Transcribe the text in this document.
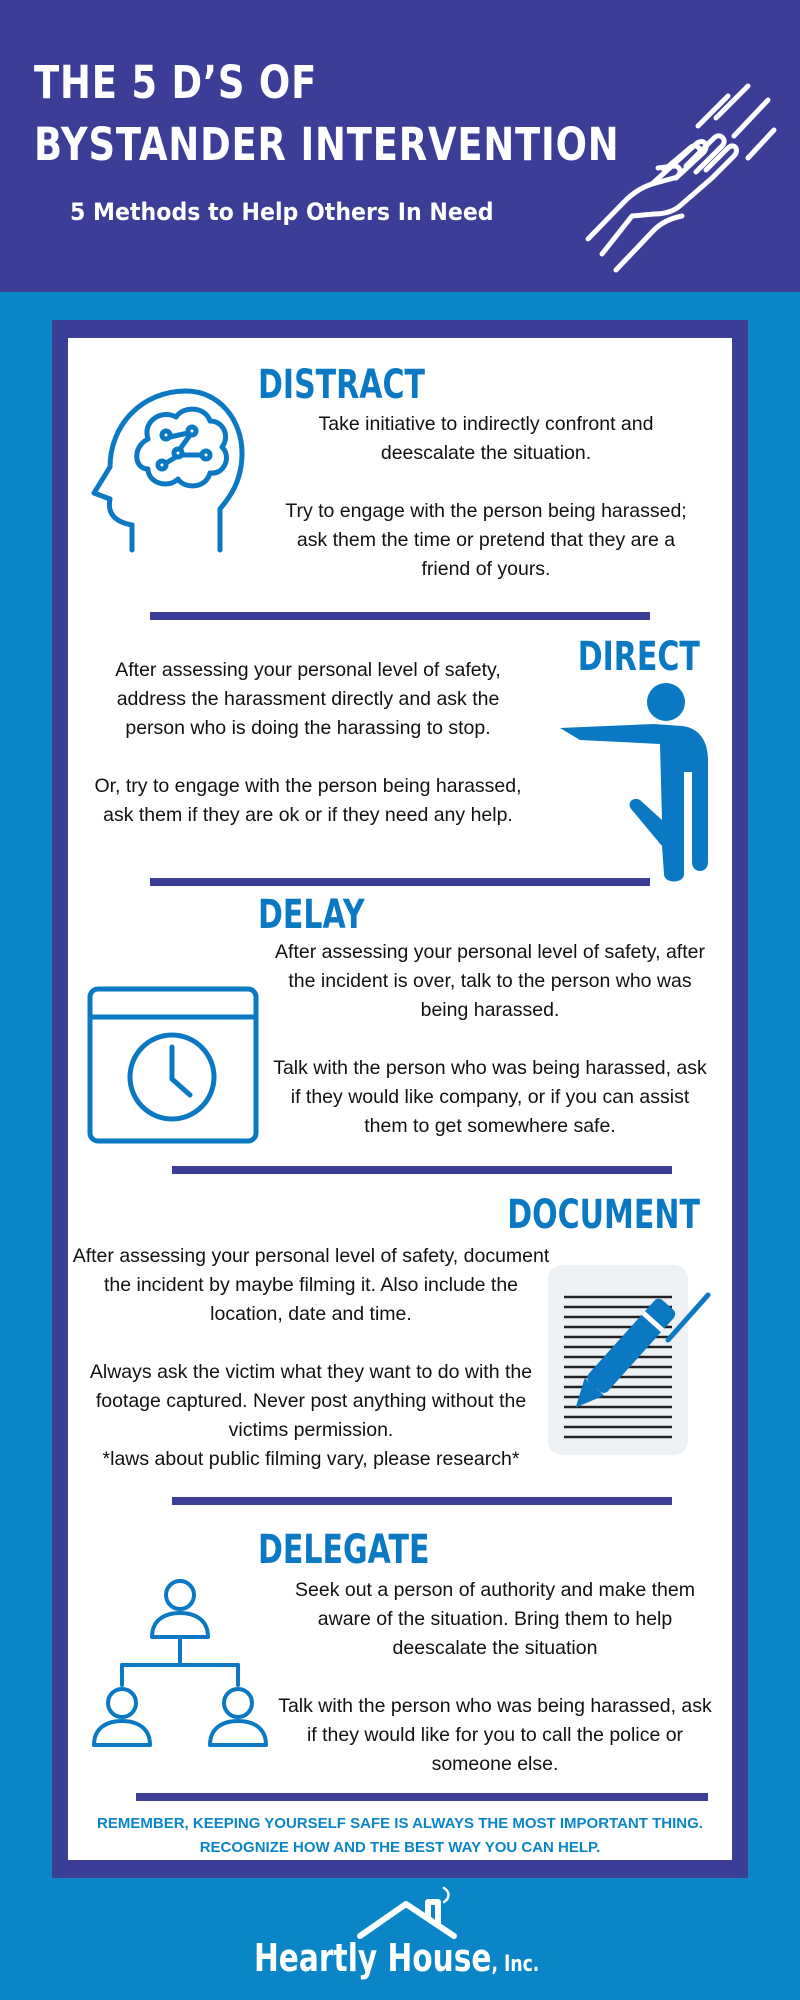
THE 5 D’S OF
BYSTANDER INTERVENTION
5 Methods to Help Others In Need
DISTRACT

Take initiative to indirectly confront and deescalate the situation.

Try to engage with the person being harassed; ask them the time or pretend that they are a friend of yours.

DIRECT

After assessing your personal level of safety, address the harassment directly and ask the person who is doing the harassing to stop.

Or, try to engage with the person being harassed, ask them if they are ok or if they need any help.

DELAY

After assessing your personal level of safety, after the incident is over, talk to the person who was being harassed.

Talk with the person who was being harassed, ask if they would like company, or if you can assist them to get somewhere safe.

DOCUMENT

After assessing your personal level of safety, document the incident by maybe filming it. Also include the location, date and time.

Always ask the victim what they want to do with the footage captured. Never post anything without the victims permission.

*laws about public filming vary, please research*

DELEGATE

Seek out a person of authority and make them aware of the situation. Bring them to help deescalate the situation

Talk with the person who was being harassed, ask if they would like for you to call the police or someone else.

REMEMBER, KEEPING YOURSELF SAFE IS ALWAYS THE MOST IMPORTANT THING. RECOGNIZE HOW AND THE BEST WAY YOU CAN HELP.
Heartly House, Inc.
